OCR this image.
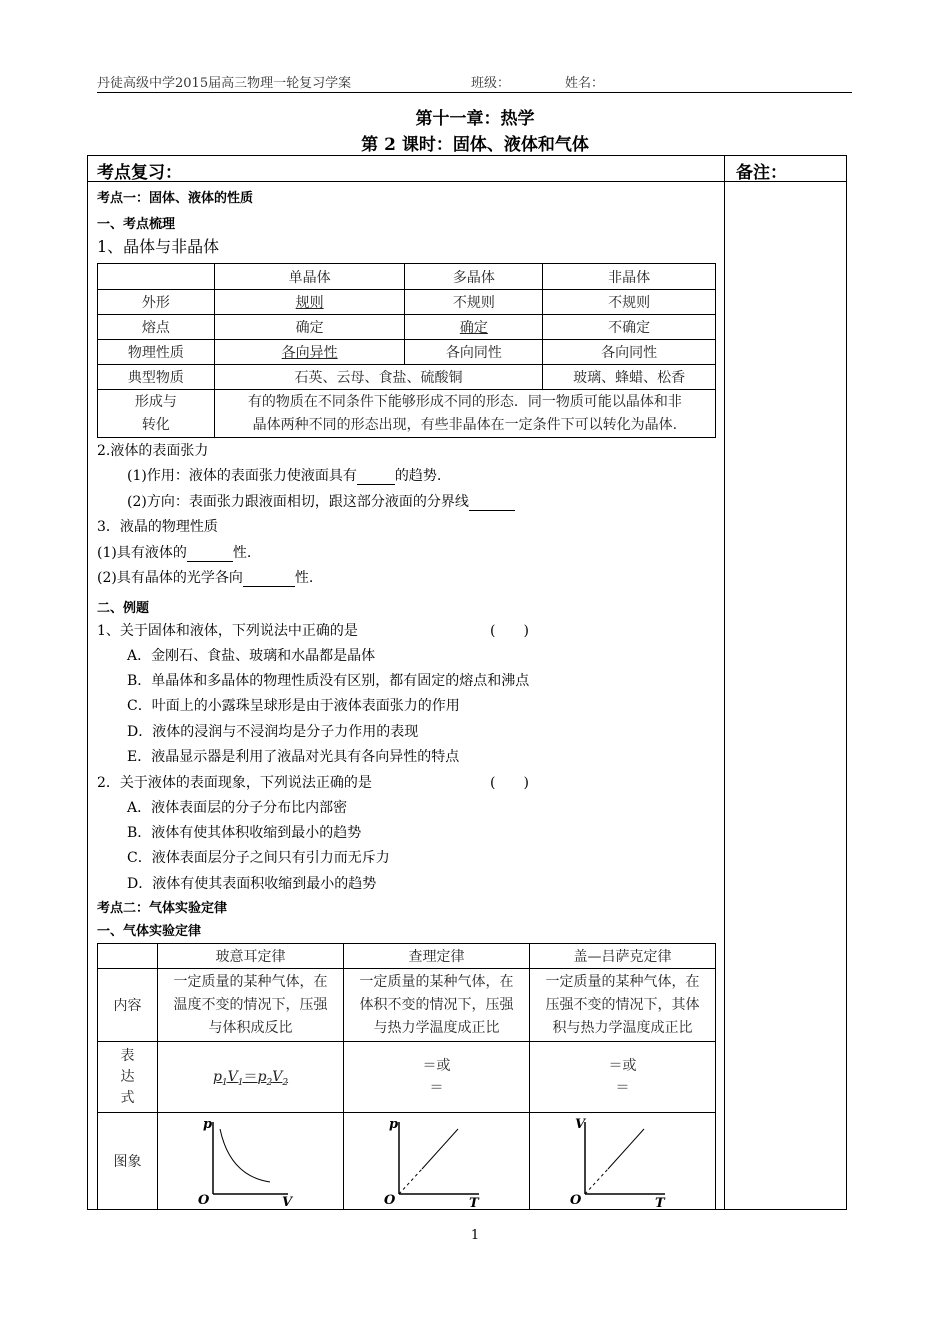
丹徒高级中学2015届高三物理一轮复习学案	班级：	姓名：
第十一章：热学
第 2 课时：固体、液体和气体
考点复习：	备注：
考点一：固体、液体的性质
一、考点梳理
1、晶体与非晶体
	单晶体	多晶体	非晶体
外形	规则	不规则	不规则
熔点	确定	确定	不确定
物理性质	各向异性	各向同性	各向同性
典型物质	石英、云母、食盐、硫酸铜		玻璃、蜂蜡、松香
形成与
转化	有的物质在不同条件下能够形成不同的形态．同一物质可能以晶体和非
晶体两种不同的形态出现，有些非晶体在一定条件下可以转化为晶体.		
2.液体的表面张力
(1)作用：液体的表面张力使液面具有	的趋势.
(2)方向：表面张力跟液面相切，跟这部分液面的分界线
3．液晶的物理性质
(1)具有液体的	性.
(2)具有晶体的光学各向	性.
二、例题
1、关于固体和液体，下列说法中正确的是	(　　)
A．金刚石、食盐、玻璃和水晶都是晶体
B．单晶体和多晶体的物理性质没有区别，都有固定的熔点和沸点
C．叶面上的小露珠呈球形是由于液体表面张力的作用
D．液体的浸润与不浸润均是分子力作用的表现
E．液晶显示器是利用了液晶对光具有各向异性的特点
2．关于液体的表面现象，下列说法正确的是	(　　)
A．液体表面层的分子分布比内部密
B．液体有使其体积收缩到最小的趋势
C．液体表面层分子之间只有引力而无斥力
D．液体有使其表面积收缩到最小的趋势
考点二：气体实验定律
一、气体实验定律
	玻意耳定律	查理定律	盖—吕萨克定律
内容	一定质量的某种气体，在
温度不变的情况下，压强
与体积成反比	一定质量的某种气体，在
体积不变的情况下，压强
与热力学温度成正比	一定质量的某种气体，在
压强不变的情况下，其体
积与热力学温度成正比
表
达
式	$p_1V_1=p_2V_2$	＝或
＝	＝或
＝
图象	p
O V	p
O T	V
O T
1
